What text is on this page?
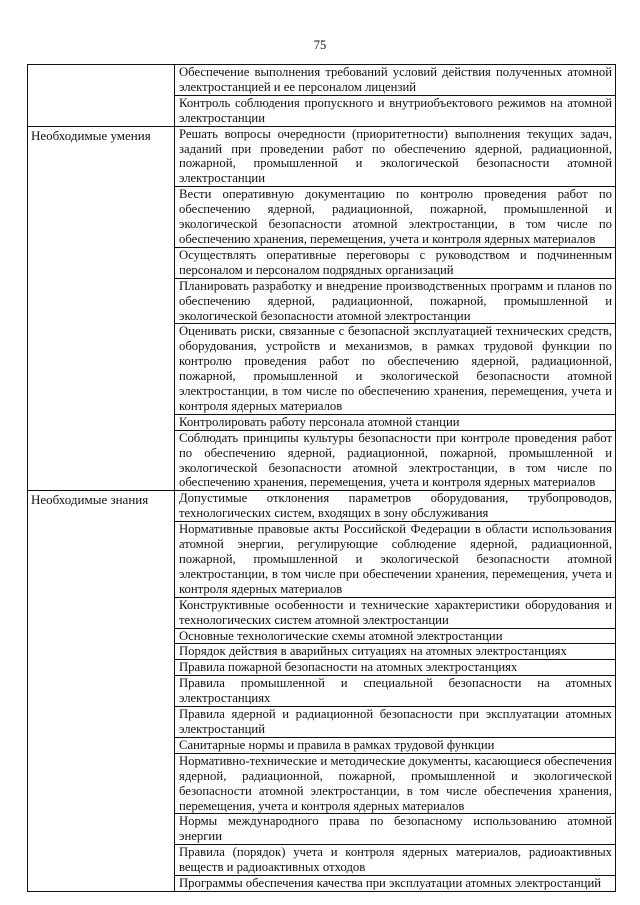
75

	Обеспечение выполнения требований условий действия полученных атомной электростанцией и ее персоналом лицензий

	Контроль соблюдения пропускного и внутриобъектового режимов на атомной электростанции

Необходимые умения	Решать вопросы очередности (приоритетности) выполнения текущих задач, заданий при проведении работ по обеспечению ядерной, радиационной, пожарной, промышленной и экологической безопасности атомной электростанции

	Вести оперативную документацию по контролю проведения работ по обеспечению ядерной, радиационной, пожарной, промышленной и экологической безопасности атомной электростанции, в том числе по обеспечению хранения, перемещения, учета и контроля ядерных материалов

	Осуществлять оперативные переговоры с руководством и подчиненным персоналом и персоналом подрядных организаций

	Планировать разработку и внедрение производственных программ и планов по обеспечению ядерной, радиационной, пожарной, промышленной и экологической безопасности атомной электростанции

	Оценивать риски, связанные с безопасной эксплуатацией технических средств, оборудования, устройств и механизмов, в рамках трудовой функции по контролю проведения работ по обеспечению ядерной, радиационной, пожарной, промышленной и экологической безопасности атомной электростанции, в том числе по обеспечению хранения, перемещения, учета и контроля ядерных материалов

	Контролировать работу персонала атомной станции

	Соблюдать принципы культуры безопасности при контроле проведения работ по обеспечению ядерной, радиационной, пожарной, промышленной и экологической безопасности атомной электростанции, в том числе по обеспечению хранения, перемещения, учета и контроля ядерных материалов

Необходимые знания	Допустимые отклонения параметров оборудования, трубопроводов, технологических систем, входящих в зону обслуживания

	Нормативные правовые акты Российской Федерации в области использования атомной энергии, регулирующие соблюдение ядерной, радиационной, пожарной, промышленной и экологической безопасности атомной электростанции, в том числе при обеспечении хранения, перемещения, учета и контроля ядерных материалов

	Конструктивные особенности и технические характеристики оборудования и технологических систем атомной электростанции

	Основные технологические схемы атомной электростанции

	Порядок действия в аварийных ситуациях на атомных электростанциях

	Правила пожарной безопасности на атомных электростанциях

	Правила промышленной и специальной безопасности на атомных электростанциях

	Правила ядерной и радиационной безопасности при эксплуатации атомных электростанций

	Санитарные нормы и правила в рамках трудовой функции

	Нормативно-технические и методические документы, касающиеся обеспечения ядерной, радиационной, пожарной, промышленной и экологической безопасности атомной электростанции, в том числе обеспечения хранения, перемещения, учета и контроля ядерных материалов

	Нормы международного права по безопасному использованию атомной энергии

	Правила (порядок) учета и контроля ядерных материалов, радиоактивных веществ и радиоактивных отходов

	Программы обеспечения качества при эксплуатации атомных электростанций
